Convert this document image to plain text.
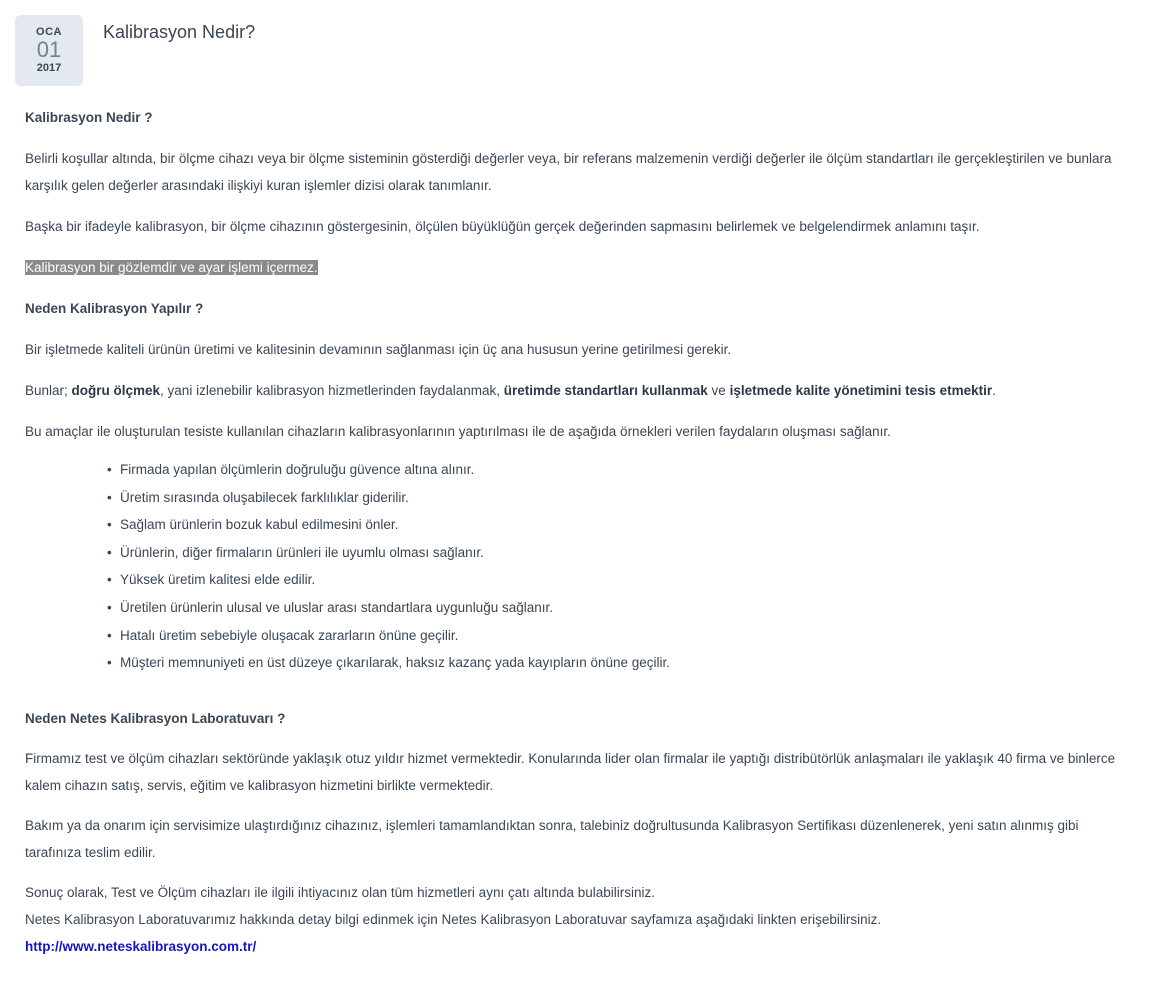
OCA
01
2017
Kalibrasyon Nedir?

Kalibrasyon Nedir ?

Belirli koşullar altında, bir ölçme cihazı veya bir ölçme sisteminin gösterdiği değerler veya, bir referans malzemenin verdiği değerler ile ölçüm standartları ile gerçekleştirilen ve bunlara karşılık gelen değerler arasındaki ilişkiyi kuran işlemler dizisi olarak tanımlanır.

Başka bir ifadeyle kalibrasyon, bir ölçme cihazının göstergesinin, ölçülen büyüklüğün gerçek değerinden sapmasını belirlemek ve belgelendirmek anlamını taşır.

Kalibrasyon bir gözlemdir ve ayar işlemi içermez.

Neden Kalibrasyon Yapılır ?

Bir işletmede kaliteli ürünün üretimi ve kalitesinin devamının sağlanması için üç ana hususun yerine getirilmesi gerekir.

Bunlar; doğru ölçmek, yani izlenebilir kalibrasyon hizmetlerinden faydalanmak, üretimde standartları kullanmak ve işletmede kalite yönetimini tesis etmektir.

Bu amaçlar ile oluşturulan tesiste kullanılan cihazların kalibrasyonlarının yaptırılması ile de aşağıda örnekleri verilen faydaların oluşması sağlanır.

• Firmada yapılan ölçümlerin doğruluğu güvence altına alınır.
• Üretim sırasında oluşabilecek farklılıklar giderilir.
• Sağlam ürünlerin bozuk kabul edilmesini önler.
• Ürünlerin, diğer firmaların ürünleri ile uyumlu olması sağlanır.
• Yüksek üretim kalitesi elde edilir.
• Üretilen ürünlerin ulusal ve uluslar arası standartlara uygunluğu sağlanır.
• Hatalı üretim sebebiyle oluşacak zararların önüne geçilir.
• Müşteri memnuniyeti en üst düzeye çıkarılarak, haksız kazanç yada kayıpların önüne geçilir.

Neden Netes Kalibrasyon Laboratuvarı ?

Firmamız test ve ölçüm cihazları sektöründe yaklaşık otuz yıldır hizmet vermektedir. Konularında lider olan firmalar ile yaptığı distribütörlük anlaşmaları ile yaklaşık 40 firma ve binlerce kalem cihazın satış, servis, eğitim ve kalibrasyon hizmetini birlikte vermektedir.

Bakım ya da onarım için servisimize ulaştırdığınız cihazınız, işlemleri tamamlandıktan sonra, talebiniz doğrultusunda Kalibrasyon Sertifikası düzenlenerek, yeni satın alınmış gibi tarafınıza teslim edilir.

Sonuç olarak, Test ve Ölçüm cihazları ile ilgili ihtiyacınız olan tüm hizmetleri aynı çatı altında bulabilirsiniz.
Netes Kalibrasyon Laboratuvarımız hakkında detay bilgi edinmek için Netes Kalibrasyon Laboratuvar sayfamıza aşağıdaki linkten erişebilirsiniz.
http://www.neteskalibrasyon.com.tr/
